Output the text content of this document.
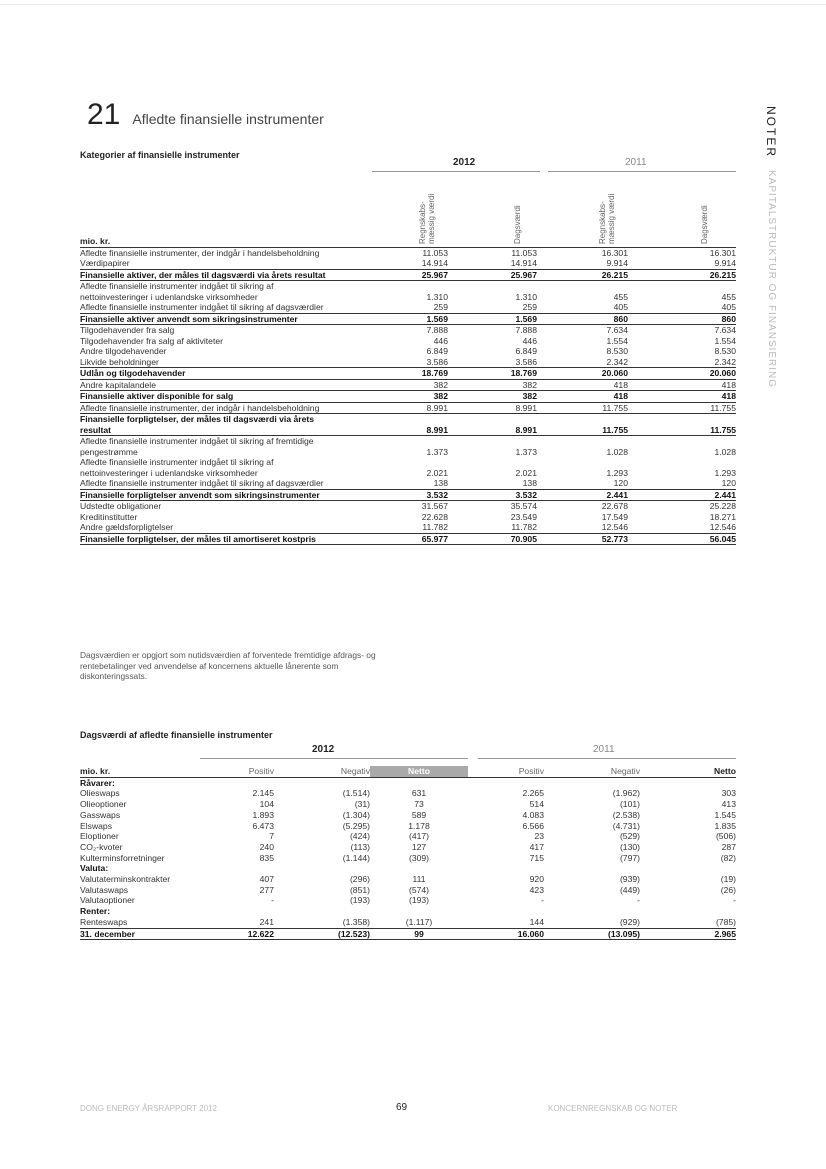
21 Afledte finansielle instrumenter	NOTER
KAPITALSTRUKTUR OG FINANSIERING
Kategorier af finansielle instrumenter
2012	2011
Regnskabs-
mæssig værdi
Dagsværdi	Regnskabs-
mæssig værdi
Dagsværdi
mio. kr.				
Afledte finansielle instrumenter, der indgår i handelsbeholdning	11.053	11.053	16.301	16.301
Værdipapirer	14.914	14.914	9.914	9.914
Finansielle aktiver, der måles til dagsværdi via årets resultat	25.967	25.967	26.215	26.215

Afledte finansielle instrumenter indgået til sikring af
nettoinvesteringer i udenlandske virksomheder	1.310	1.310	455	455
Afledte finansielle instrumenter indgået til sikring af dagsværdier	259	259	405	405
Finansielle aktiver anvendt som sikringsinstrumenter	1.569	1.569	860	860
Tilgodehavender fra salg	7.888	7.888	7.634	7.634
Tilgodehavender fra salg af aktiviteter	446	446	1.554	1.554
Andre tilgodehavender	6.849	6.849	8.530	8.530
Likvide beholdninger	3.586	3.586	2.342	2.342
Udlån og tilgodehavender	18.769	18.769	20.060	20.060
Andre kapitalandele	382	382	418	418
Finansielle aktiver disponible for salg	382	382	418	418
Afledte finansielle instrumenter, der indgår i handelsbeholdning	8.991	8.991	11.755	11.755

Finansielle forpligtelser, der måles til dagsværdi via årets
resultat	8.991	8.991	11.755	11.755

Afledte finansielle instrumenter indgået til sikring af fremtidige
pengestrømme	1.373	1.373	1.028	1.028

Afledte finansielle instrumenter indgået til sikring af
nettoinvesteringer i udenlandske virksomheder	2.021	2.021	1.293	1.293
Afledte finansielle instrumenter indgået til sikring af dagsværdier	138	138	120	120
Finansielle forpligtelser anvendt som sikringsinstrumenter	3.532	3.532	2.441	2.441
Udstedte obligationer	31.567	35.574	22.678	25.228
Kreditinstitutter	22.628	23.549	17.549	18.271
Andre gældsforpligtelser	11.782	11.782	12.546	12.546
Finansielle forpligtelser, der måles til amortiseret kostpris	65.977	70.905	52.773	56.045
Dagsværdien er opgjort som nutidsværdien af forventede fremtidige afdrags- og rentebetalinger ved anvendelse af koncernens aktuelle lånerente som diskonteringssats.
Dagsværdi af afledte finansielle instrumenter
2012	2011
mio. kr.	Positiv	Negativ	Netto	Positiv	Negativ	Netto
Råvarer:						
Olieswaps	2.145	(1.514)	631	2.265	(1.962)	303
Olieoptioner	104	(31)	73	514	(101)	413
Gasswaps	1.893	(1.304)	589	4.083	(2.538)	1.545
Elswaps	6.473	(5.295)	1.178	6.566	(4.731)	1.835
Eloptioner	7	(424)	(417)	23	(529)	(506)
CO₂-kvoter	240	(113)	127	417	(130)	287
Kulterminsforretninger	835	(1.144)	(309)	715	(797)	(82)
Valuta:						
Valutaterminskontrakter	407	(296)	111	920	(939)	(19)
Valutaswaps	277	(851)	(574)	423	(449)	(26)
Valutaoptioner	-	(193)	(193)	-	-	-
Renter:						
Renteswaps	241	(1.358)	(1.117)	144	(929)	(785)
31. december	12.622	(12.523)	99	16.060	(13.095)	2.965
DONG ENERGY ÅRSRAPPORT 2012	69	KONCERNREGNSKAB OG NOTER
